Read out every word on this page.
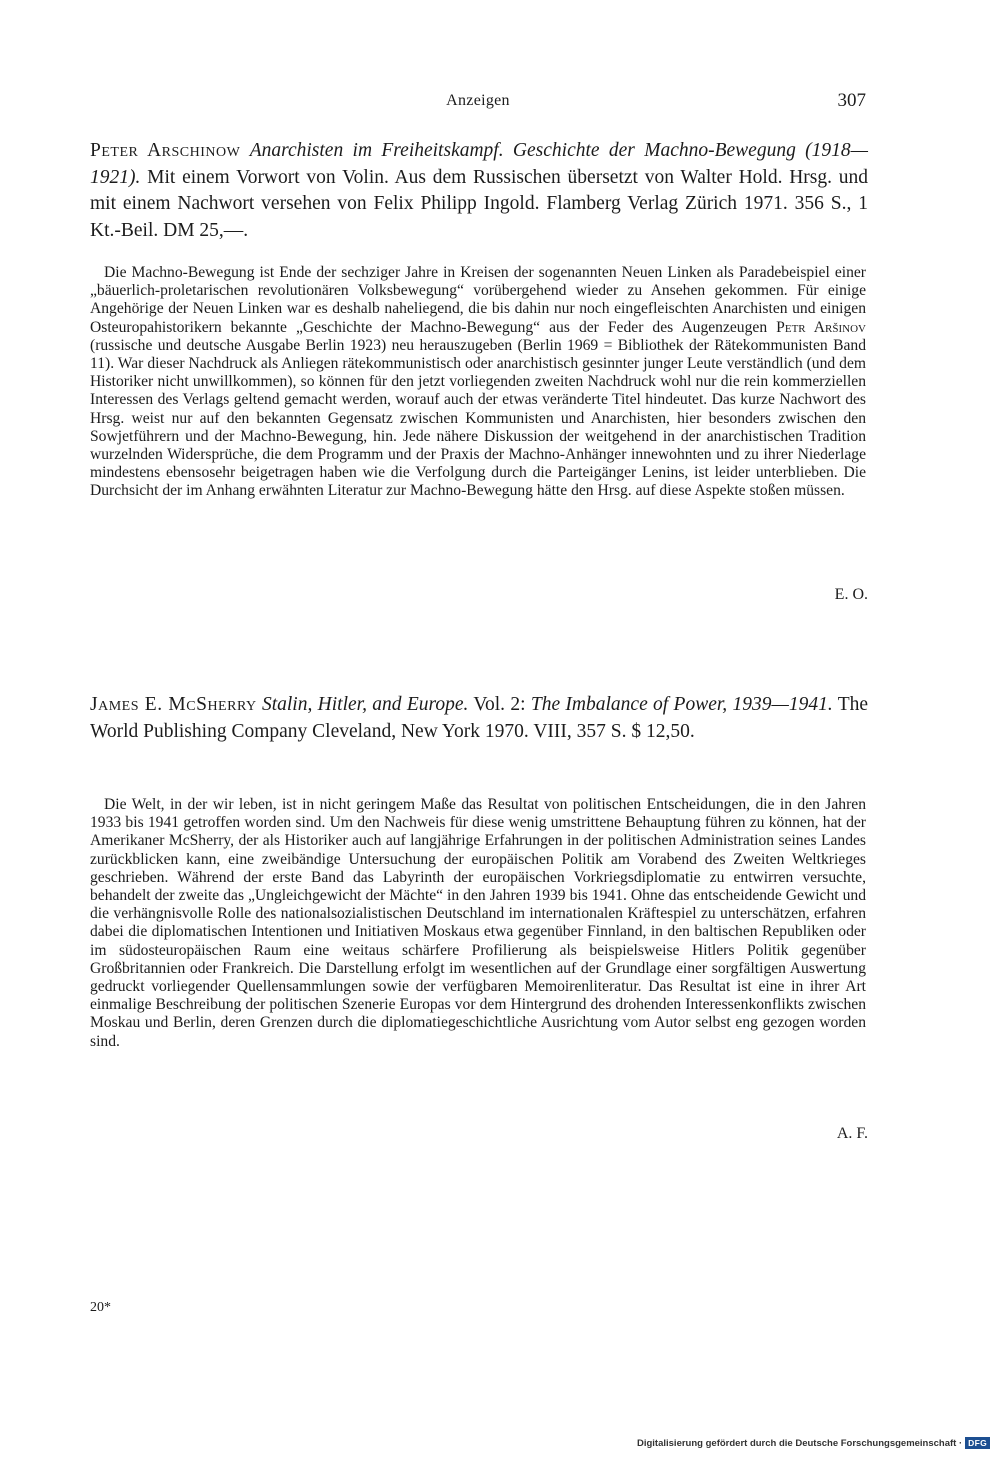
Anzeigen	307
Peter Arschinow Anarchisten im Freiheitskampf. Geschichte der Machno-Bewegung (1918—1921). Mit einem Vorwort von Volin. Aus dem Russischen übersetzt von Walter Hold. Hrsg. und mit einem Nachwort versehen von Felix Philipp Ingold. Flamberg Verlag Zürich 1971. 356 S., 1 Kt.-Beil. DM 25,—.

Die Machno-Bewegung ist Ende der sechziger Jahre in Kreisen der sogenannten Neuen Linken als Paradebeispiel einer „bäuerlich-proletarischen revolutionären Volksbewegung“ vorübergehend wieder zu Ansehen gekommen. Für einige Angehörige der Neuen Linken war es deshalb naheliegend, die bis dahin nur noch eingefleischten Anarchisten und einigen Osteuropahistorikern bekannte „Geschichte der Machno-Bewegung“ aus der Feder des Augenzeugen Petr Aršinov (russische und deutsche Ausgabe Berlin 1923) neu herauszugeben (Berlin 1969 = Bibliothek der Rätekommunisten Band 11). War dieser Nachdruck als Anliegen rätekommunistisch oder anarchistisch gesinnter junger Leute verständlich (und dem Historiker nicht unwillkommen), so können für den jetzt vorliegenden zweiten Nachdruck wohl nur die rein kommerziellen Interessen des Verlags geltend gemacht werden, worauf auch der etwas veränderte Titel hindeutet. Das kurze Nachwort des Hrsg. weist nur auf den bekannten Gegensatz zwischen Kommunisten und Anarchisten, hier besonders zwischen den Sowjetführern und der Machno-Bewegung, hin. Jede nähere Diskussion der weitgehend in der anarchistischen Tradition wurzelnden Widersprüche, die dem Programm und der Praxis der Machno-Anhänger innewohnten und zu ihrer Niederlage mindestens ebensosehr beigetragen haben wie die Verfolgung durch die Parteigänger Lenins, ist leider unterblieben. Die Durchsicht der im Anhang erwähnten Literatur zur Machno-Bewegung hätte den Hrsg. auf diese Aspekte stoßen müssen.

E. O.
James E. McSherry Stalin, Hitler, and Europe. Vol. 2: The Imbalance of Power, 1939—1941. The World Publishing Company Cleveland, New York 1970. VIII, 357 S. $ 12,50.

Die Welt, in der wir leben, ist in nicht geringem Maße das Resultat von politischen Entscheidungen, die in den Jahren 1933 bis 1941 getroffen worden sind. Um den Nachweis für diese wenig umstrittene Behauptung führen zu können, hat der Amerikaner McSherry, der als Historiker auch auf langjährige Erfahrungen in der politischen Administration seines Landes zurückblicken kann, eine zweibändige Untersuchung der europäischen Politik am Vorabend des Zweiten Weltkrieges geschrieben. Während der erste Band das Labyrinth der europäischen Vorkriegsdiplomatie zu entwirren versuchte, behandelt der zweite das „Ungleichgewicht der Mächte“ in den Jahren 1939 bis 1941. Ohne das entscheidende Gewicht und die verhängnisvolle Rolle des nationalsozialistischen Deutschland im internationalen Kräftespiel zu unterschätzen, erfahren dabei die diplomatischen Intentionen und Initiativen Moskaus etwa gegenüber Finnland, in den baltischen Republiken oder im südosteuropäischen Raum eine weitaus schärfere Profilierung als beispielsweise Hitlers Politik gegenüber Großbritannien oder Frankreich. Die Darstellung erfolgt im wesentlichen auf der Grundlage einer sorgfältigen Auswertung gedruckt vorliegender Quellensammlungen sowie der verfügbaren Memoirenliteratur. Das Resultat ist eine in ihrer Art einmalige Beschreibung der politischen Szenerie Europas vor dem Hintergrund des drohenden Interessenkonflikts zwischen Moskau und Berlin, deren Grenzen durch die diplomatiegeschichtliche Ausrichtung vom Autor selbst eng gezogen worden sind.

A. F.
20*
Digitalisierung gefördert durch die Deutsche Forschungsgemeinschaft · DFG
